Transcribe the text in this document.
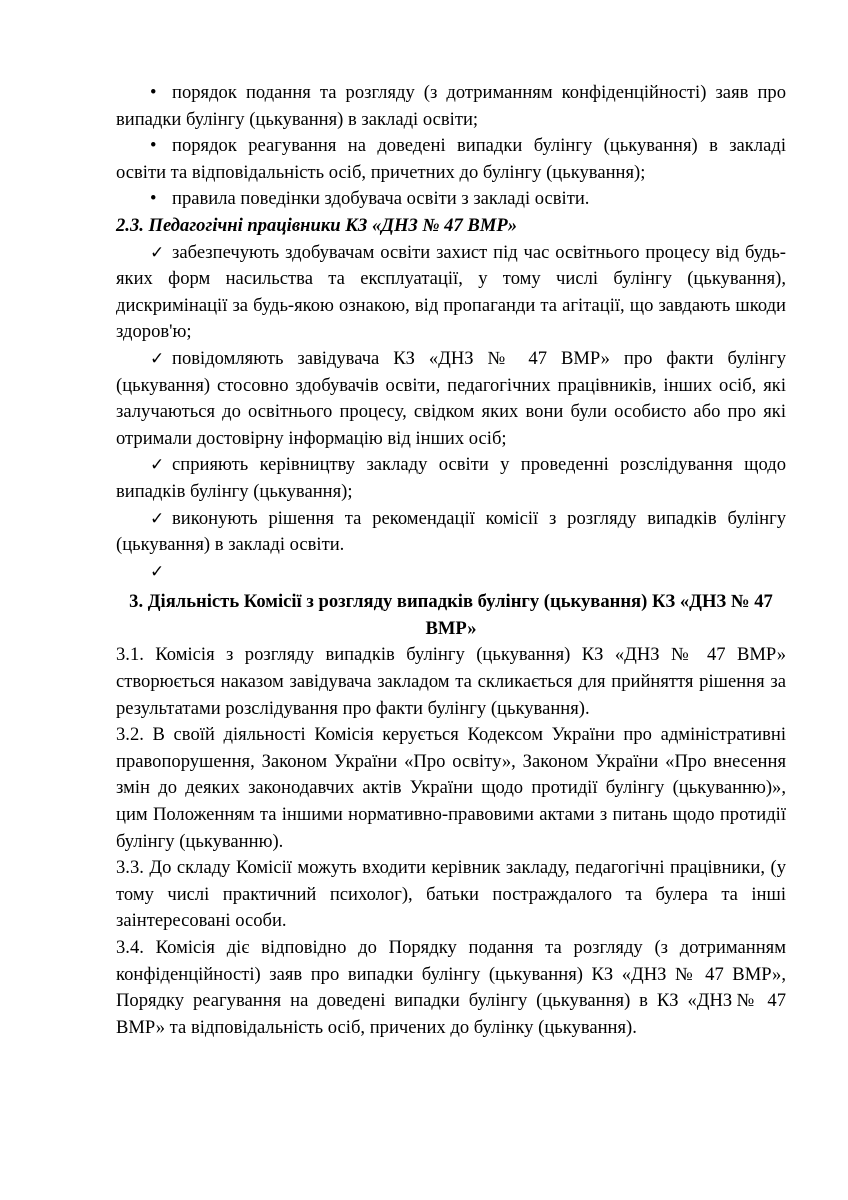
• порядок подання та розгляду (з дотриманням конфіденційності) заяв про випадки булінгу (цькування) в закладі освіти;

• порядок реагування на доведені випадки булінгу (цькування) в закладі освіти та відповідальність осіб, причетних до булінгу (цькування);

• правила поведінки здобувача освіти з закладі освіти.

2.3. Педагогічні працівники КЗ «ДНЗ № 47 ВМР»

✓ забезпечують здобувачам освіти захист під час освітнього процесу від будь-яких форм насильства та експлуатації, у тому числі булінгу (цькування), дискримінації за будь-якою ознакою, від пропаганди та агітації, що завдають шкоди здоров'ю;

✓ повідомляють завідувача КЗ «ДНЗ № 47 ВМР» про факти булінгу (цькування) стосовно здобувачів освіти, педагогічних працівників, інших осіб, які залучаються до освітнього процесу, свідком яких вони були особисто або про які отримали достовірну інформацію від інших осіб;

✓ сприяють керівництву закладу освіти у проведенні розслідування щодо випадків булінгу (цькування);

✓ виконують рішення та рекомендації комісії з розгляду випадків булінгу (цькування) в закладі освіти.

✓

3. Діяльність Комісії з розгляду випадків булінгу (цькування) КЗ «ДНЗ № 47 ВМР»

3.1. Комісія з розгляду випадків булінгу (цькування) КЗ «ДНЗ № 47 ВМР» створюється наказом завідувача закладом та скликається для прийняття рішення за результатами розслідування про факти булінгу (цькування).

3.2. В своїй діяльності Комісія керується Кодексом України про адміністративні правопорушення, Законом України «Про освіту», Законом України «Про внесення змін до деяких законодавчих актів України щодо протидії булінгу (цькуванню)», цим Положенням та іншими нормативно-правовими актами з питань щодо протидії булінгу (цькуванню).

3.3. До складу Комісії можуть входити керівник закладу, педагогічні працівники, (у тому числі практичний психолог), батьки постраждалого та булера та інші заінтересовані особи.

3.4. Комісія діє відповідно до Порядку подання та розгляду (з дотриманням конфіденційності) заяв про випадки булінгу (цькування) КЗ «ДНЗ № 47 ВМР», Порядку реагування на доведені випадки булінгу (цькування) в КЗ «ДНЗ№ 47 ВМР» та відповідальність осіб, причених до булінку (цькування).
